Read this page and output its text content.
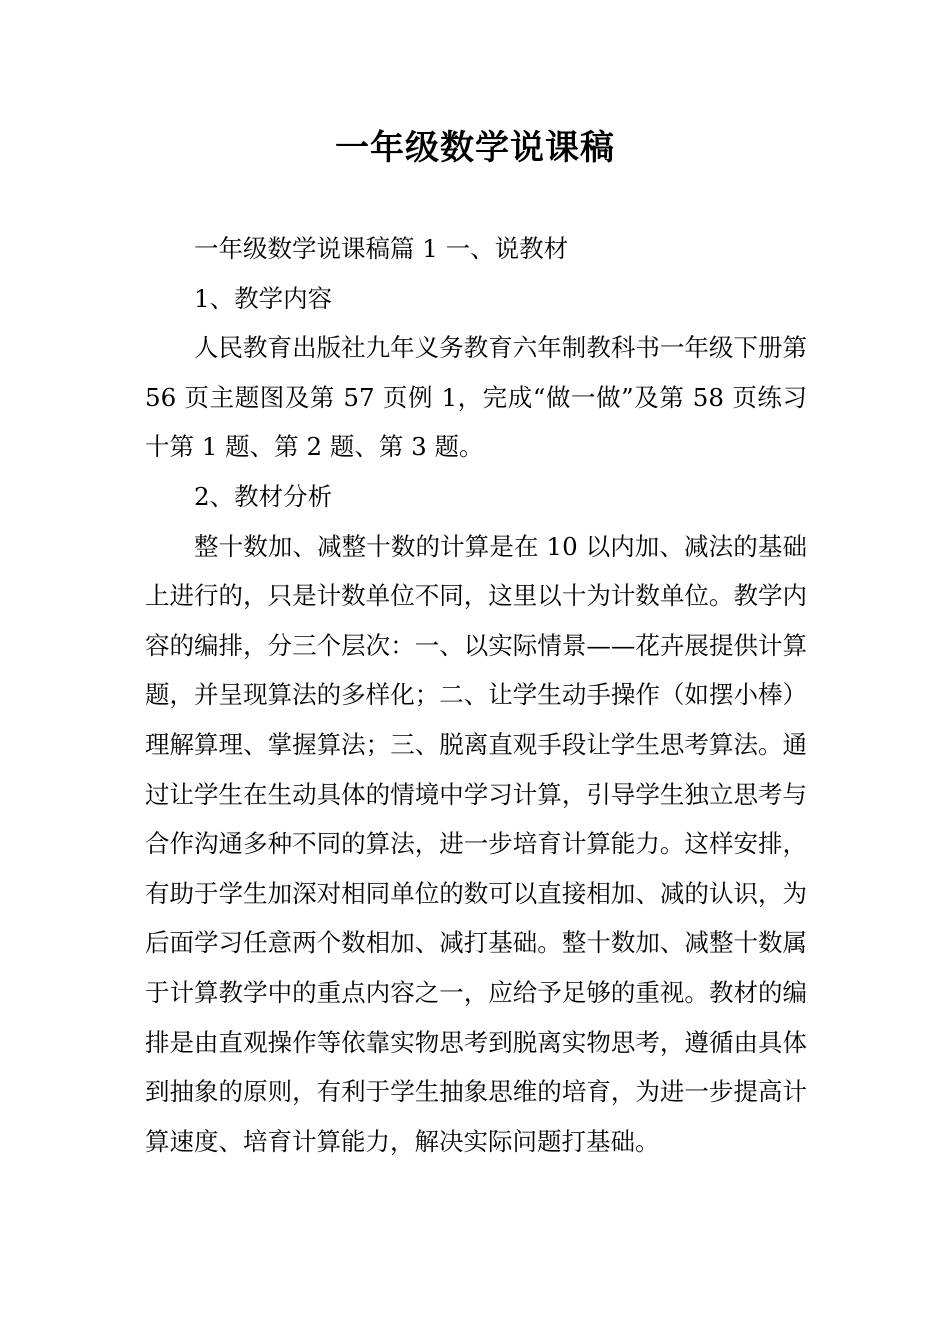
一年级数学说课稿

一年级数学说课稿篇 1 一、说教材

1、教学内容

人民教育出版社九年义务教育六年制教科书一年级下册第 56 页主题图及第 57 页例 1，完成“做一做”及第 58 页练习十第 1 题、第 2 题、第 3 题。

2、教材分析

整十数加、减整十数的计算是在 10 以内加、减法的基础上进行的，只是计数单位不同，这里以十为计数单位。教学内容的编排，分三个层次：一、以实际情景——花卉展提供计算题，并呈现算法的多样化；二、让学生动手操作（如摆小棒）理解算理、掌握算法；三、脱离直观手段让学生思考算法。通过让学生在生动具体的情境中学习计算，引导学生独立思考与合作沟通多种不同的算法，进一步培育计算能力。这样安排，有助于学生加深对相同单位的数可以直接相加、减的认识，为后面学习任意两个数相加、减打基础。整十数加、减整十数属于计算教学中的重点内容之一，应给予足够的重视。教材的编排是由直观操作等依靠实物思考到脱离实物思考，遵循由具体到抽象的原则，有利于学生抽象思维的培育，为进一步提高计算速度、培育计算能力，解决实际问题打基础。
